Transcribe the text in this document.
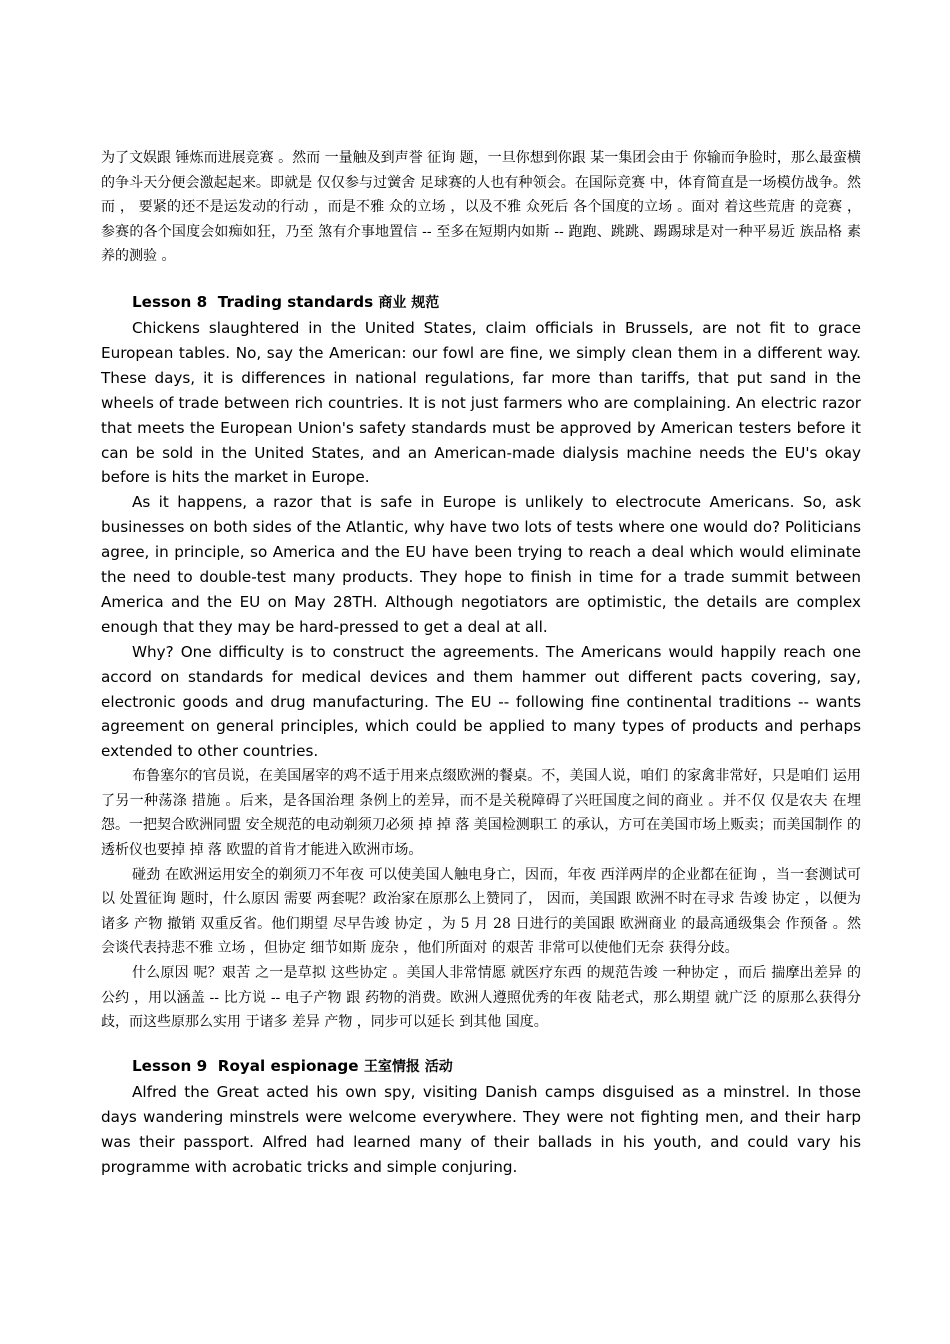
为了文娱跟 锤炼而进展竞赛 。然而 一量触及到声誉 征询 题，一旦你想到你跟 某一集团会由于 你输而争脸时，那么最蛮横 的争斗天分便会激起起来。即就是 仅仅参与过黉舍 足球赛的人也有种领会。在国际竞赛 中，体育简直是一场模仿战争。然而 ， 要紧的还不是运发动的行动 ，而是不雅 众的立场 ，以及不雅 众死后 各个国度的立场 。面对 着这些荒唐 的竞赛 ，参赛的各个国度会如痴如狂，乃至 煞有介事地置信 -- 至多在短期内如斯 -- 跑跑、跳跳、踢踢球是对一种平易近 族品格 素养的测验 。

Lesson 8 Trading standards 商业 规范

Chickens slaughtered in the United States, claim officials in Brussels, are not fit to grace European tables. No, say the American: our fowl are fine, we simply clean them in a different way. These days, it is differences in national regulations, far more than tariffs, that put sand in the wheels of trade between rich countries. It is not just farmers who are complaining. An electric razor that meets the European Union's safety standards must be approved by American testers before it can be sold in the United States, and an American-made dialysis machine needs the EU's okay before is hits the market in Europe.

As it happens, a razor that is safe in Europe is unlikely to electrocute Americans. So, ask businesses on both sides of the Atlantic, why have two lots of tests where one would do? Politicians agree, in principle, so America and the EU have been trying to reach a deal which would eliminate the need to double-test many products. They hope to finish in time for a trade summit between America and the EU on May 28TH. Although negotiators are optimistic, the details are complex enough that they may be hard-pressed to get a deal at all.

Why? One difficulty is to construct the agreements. The Americans would happily reach one accord on standards for medical devices and them hammer out different pacts covering, say, electronic goods and drug manufacturing. The EU -- following fine continental traditions -- wants agreement on general principles, which could be applied to many types of products and perhaps extended to other countries.

布鲁塞尔的官员说，在美国屠宰的鸡不适于用来点缀欧洲的餐桌。不，美国人说，咱们 的家禽非常好，只是咱们 运用了另一种荡涤 措施 。后来，是各国治理 条例上的差异，而不是关税障碍了兴旺国度之间的商业 。并不仅 仅是农夫 在埋怨。一把契合欧洲同盟 安全规范的电动剃须刀必须 掉 掉 落 美国检测职工 的承认，方可在美国市场上贩卖；而美国制作 的透析仪也要掉 掉 落 欧盟的首肯才能进入欧洲市场。

碰劲 在欧洲运用安全的剃须刀不年夜 可以使美国人触电身亡，因而，年夜 西洋两岸的企业都在征询 ，当一套测试可以 处置征询 题时，什么原因 需要 两套呢？政治家在原那么上赞同了， 因而，美国跟 欧洲不时在寻求 告竣 协定 ，以便为诸多 产物 撤销 双重反省。他们期望 尽早告竣 协定 ，为 5 月 28 日进行的美国跟 欧洲商业 的最高通级集会 作预备 。然会谈代表持悲不雅 立场 ，但协定 细节如斯 庞杂 ，他们所面对 的艰苦 非常可以使他们无奈 获得分歧。

什么原因 呢？艰苦 之一是草拟 这些协定 。美国人非常情愿 就医疗东西 的规范告竣 一种协定 ，而后 揣摩出差异 的公约 ，用以涵盖 -- 比方说 -- 电子产物 跟 药物的消费。欧洲人遵照优秀的年夜 陆老式，那么期望 就广泛 的原那么获得分歧，而这些原那么实用 于诸多 差异 产物 ，同步可以延长 到其他 国度。

Lesson 9 Royal espionage 王室情报 活动

Alfred the Great acted his own spy, visiting Danish camps disguised as a minstrel. In those days wandering minstrels were welcome everywhere. They were not fighting men, and their harp was their passport. Alfred had learned many of their ballads in his youth, and could vary his programme with acrobatic tricks and simple conjuring.
